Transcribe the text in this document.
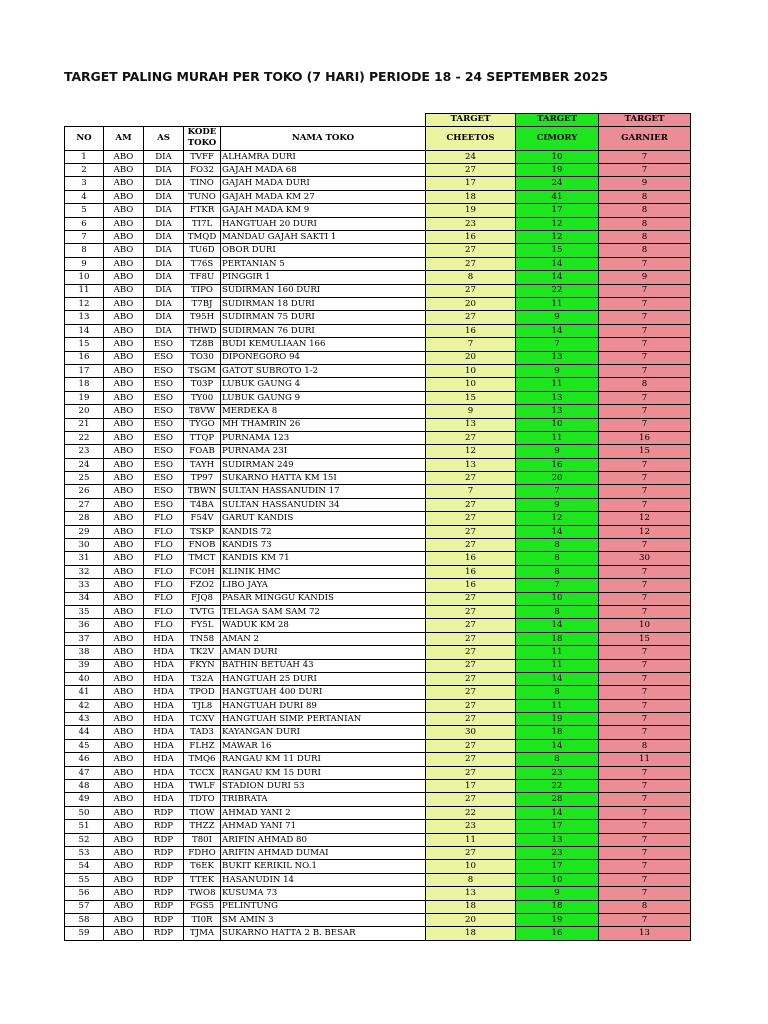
TARGET PALING MURAH PER TOKO (7 HARI) PERIODE 18 - 24 SEPTEMBER 2025
					TARGET	TARGET	TARGET
NO	AM	AS	KODE TOKO	NAMA TOKO	CHEETOS	CIMORY	GARNIER
1	ABO	DIA	TVFF	ALHAMRA DURI	24	10	7
2	ABO	DIA	FO32	GAJAH MADA 68	27	19	7
3	ABO	DIA	TINO	GAJAH MADA DURI	17	24	9
4	ABO	DIA	TUNO	GAJAH MADA KM 27	18	41	8
5	ABO	DIA	FTKR	GAJAH MADA KM 9	19	17	8
6	ABO	DIA	TI7L	HANGTUAH 20 DURI	23	12	8
7	ABO	DIA	TMQD	MANDAU GAJAH SAKTI 1	16	12	8
8	ABO	DIA	TU6D	OBOR DURI	27	15	8
9	ABO	DIA	T76S	PERTANIAN 5	27	14	7
10	ABO	DIA	TF8U	PINGGIR 1	8	14	9
11	ABO	DIA	TIPO	SUDIRMAN 160 DURI	27	22	7
12	ABO	DIA	T7BJ	SUDIRMAN 18 DURI	20	11	7
13	ABO	DIA	T95H	SUDIRMAN 75 DURI	27	9	7
14	ABO	DIA	THWD	SUDIRMAN 76 DURI	16	14	7
15	ABO	ESO	TZ8B	BUDI KEMULIAAN 166	7	7	7
16	ABO	ESO	TO30	DIPONEGORO 94	20	13	7
17	ABO	ESO	TSGM	GATOT SUBROTO 1-2	10	9	7
18	ABO	ESO	T03P	LUBUK GAUNG 4	10	11	8
19	ABO	ESO	TY00	LUBUK GAUNG 9	15	13	7
20	ABO	ESO	T8VW	MERDEKA 8	9	13	7
21	ABO	ESO	TYGO	MH THAMRIN 26	13	10	7
22	ABO	ESO	TTQP	PURNAMA 123	27	11	16
23	ABO	ESO	FOAB	PURNAMA 23I	12	9	15
24	ABO	ESO	TAYH	SUDIRMAN 249	13	16	7
25	ABO	ESO	TP97	SUKARNO HATTA KM 15I	27	20	7
26	ABO	ESO	TBWN	SULTAN HASSANUDIN 17	7	7	7
27	ABO	ESO	T4BA	SULTAN HASSANUDIN 34	27	9	7
28	ABO	FLO	F54V	GARUT KANDIS	27	12	12
29	ABO	FLO	TSKP	KANDIS 72	27	14	12
30	ABO	FLO	FNOB	KANDIS 73	27	8	7
31	ABO	FLO	TMCT	KANDIS KM 71	16	8	30
32	ABO	FLO	FC0H	KLINIK HMC	16	8	7
33	ABO	FLO	FZO2	LIBO JAYA	16	7	7
34	ABO	FLO	FJQ8	PASAR MINGGU KANDIS	27	10	7
35	ABO	FLO	TVTG	TELAGA SAM SAM 72	27	8	7
36	ABO	FLO	FY5L	WADUK KM 28	27	14	10
37	ABO	HDA	TN58	AMAN 2	27	18	15
38	ABO	HDA	TK2V	AMAN DURI	27	11	7
39	ABO	HDA	FKYN	BATHIN BETUAH 43	27	11	7
40	ABO	HDA	T32A	HANGTUAH 25 DURI	27	14	7
41	ABO	HDA	TPOD	HANGTUAH 400 DURI	27	8	7
42	ABO	HDA	TJL8	HANGTUAH DURI 89	27	11	7
43	ABO	HDA	TCXV	HANGTUAH SIMP. PERTANIAN	27	19	7
44	ABO	HDA	TAD3	KAYANGAN DURI	30	18	7
45	ABO	HDA	FLHZ	MAWAR 16	27	14	8
46	ABO	HDA	TMQ6	RANGAU KM 11 DURI	27	8	11
47	ABO	HDA	TCCX	RANGAU KM 15 DURI	27	23	7
48	ABO	HDA	TWLF	STADION DURI 53	17	22	7
49	ABO	HDA	TDTO	TRIBRATA	27	28	7
50	ABO	RDP	TIOW	AHMAD YANI 2	22	14	7
51	ABO	RDP	THZZ	AHMAD YANI 71	23	17	7
52	ABO	RDP	T80I	ARIFIN AHMAD 80	11	13	7
53	ABO	RDP	FDHO	ARIFIN AHMAD DUMAI	27	23	7
54	ABO	RDP	T6EK	BUKIT KERIKIL NO.1	10	17	7
55	ABO	RDP	TTEK	HASANUDIN 14	8	10	7
56	ABO	RDP	TWO8	KUSUMA 73	13	9	7
57	ABO	RDP	FGS5	PELINTUNG	18	18	8
58	ABO	RDP	TI0R	SM AMIN 3	20	19	7
59	ABO	RDP	TJMA	SUKARNO HATTA 2 B. BESAR	18	16	13
